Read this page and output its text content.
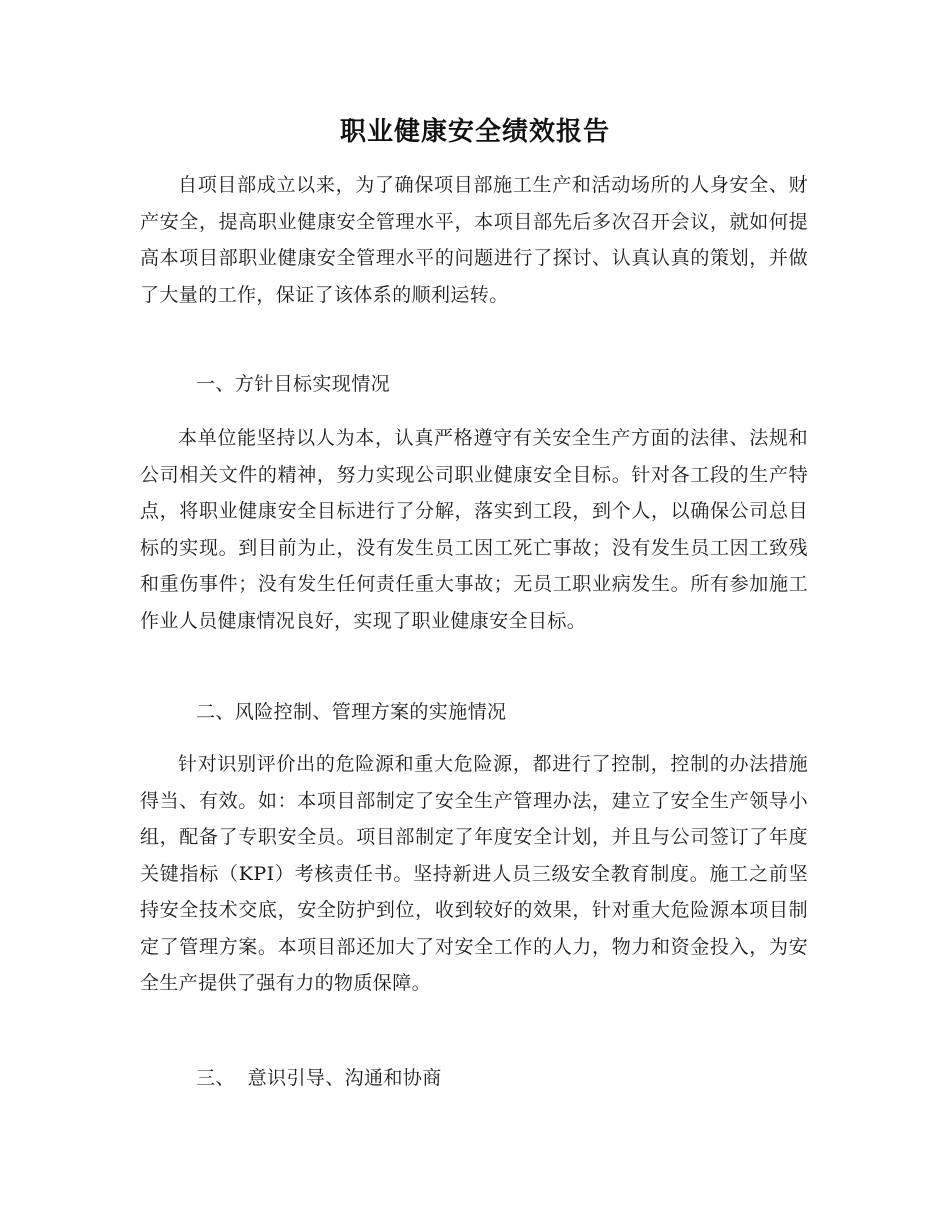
职业健康安全绩效报告

自项目部成立以来，为了确保项目部施工生产和活动场所的人身安全、财产安全，提高职业健康安全管理水平，本项目部先后多次召开会议，就如何提高本项目部职业健康安全管理水平的问题进行了探讨、认真认真的策划，并做了大量的工作，保证了该体系的顺利运转。

一、方针目标实现情况

本单位能坚持以人为本，认真严格遵守有关安全生产方面的法律、法规和公司相关文件的精神，努力实现公司职业健康安全目标。针对各工段的生产特点，将职业健康安全目标进行了分解，落实到工段，到个人，以确保公司总目标的实现。到目前为止，没有发生员工因工死亡事故；没有发生员工因工致残和重伤事件；没有发生任何责任重大事故；无员工职业病发生。所有参加施工作业人员健康情况良好，实现了职业健康安全目标。

二、风险控制、管理方案的实施情况

针对识别评价出的危险源和重大危险源，都进行了控制，控制的办法措施得当、有效。如：本项目部制定了安全生产管理办法，建立了安全生产领导小组，配备了专职安全员。项目部制定了年度安全计划，并且与公司签订了年度关键指标（KPI）考核责任书。坚持新进人员三级安全教育制度。施工之前坚持安全技术交底，安全防护到位，收到较好的效果，针对重大危险源本项目制定了管理方案。本项目部还加大了对安全工作的人力，物力和资金投入，为安全生产提供了强有力的物质保障。

三、  意识引导、沟通和协商
